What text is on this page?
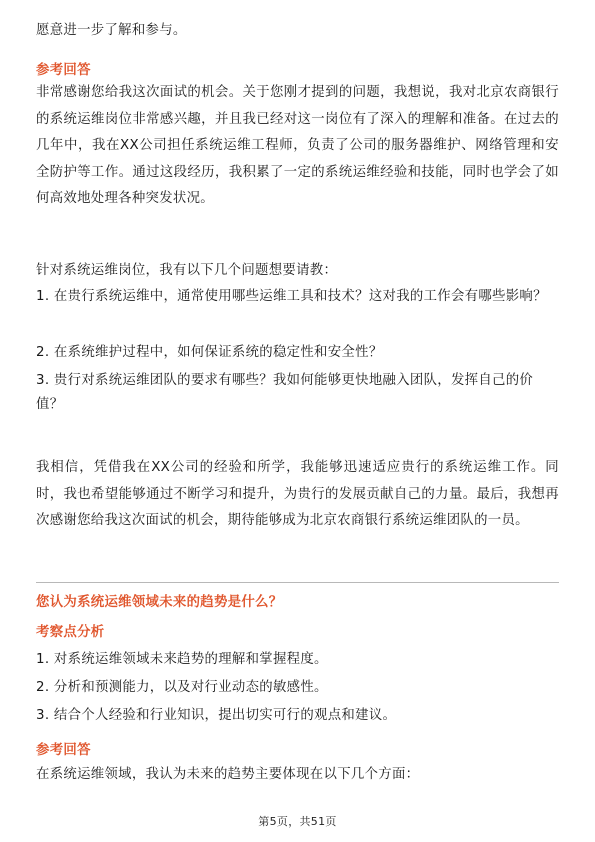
愿意进一步了解和参与。
参考回答
非常感谢您给我这次面试的机会。关于您刚才提到的问题，我想说，我对北京农商银行的系统运维岗位非常感兴趣，并且我已经对这一岗位有了深入的理解和准备。在过去的几年中，我在XX公司担任系统运维工程师，负责了公司的服务器维护、网络管理和安全防护等工作。通过这段经历，我积累了一定的系统运维经验和技能，同时也学会了如何高效地处理各种突发状况。
针对系统运维岗位，我有以下几个问题想要请教：
1. 在贵行系统运维中，通常使用哪些运维工具和技术？这对我的工作会有哪些影响？
2. 在系统维护过程中，如何保证系统的稳定性和安全性？
3. 贵行对系统运维团队的要求有哪些？我如何能够更快地融入团队，发挥自己的价值？
我相信，凭借我在XX公司的经验和所学，我能够迅速适应贵行的系统运维工作。同时，我也希望能够通过不断学习和提升，为贵行的发展贡献自己的力量。最后，我想再次感谢您给我这次面试的机会，期待能够成为北京农商银行系统运维团队的一员。
您认为系统运维领域未来的趋势是什么？
考察点分析
1. 对系统运维领域未来趋势的理解和掌握程度。
2. 分析和预测能力，以及对行业动态的敏感性。
3. 结合个人经验和行业知识，提出切实可行的观点和建议。
参考回答
在系统运维领域，我认为未来的趋势主要体现在以下几个方面：
第5页，共51页
